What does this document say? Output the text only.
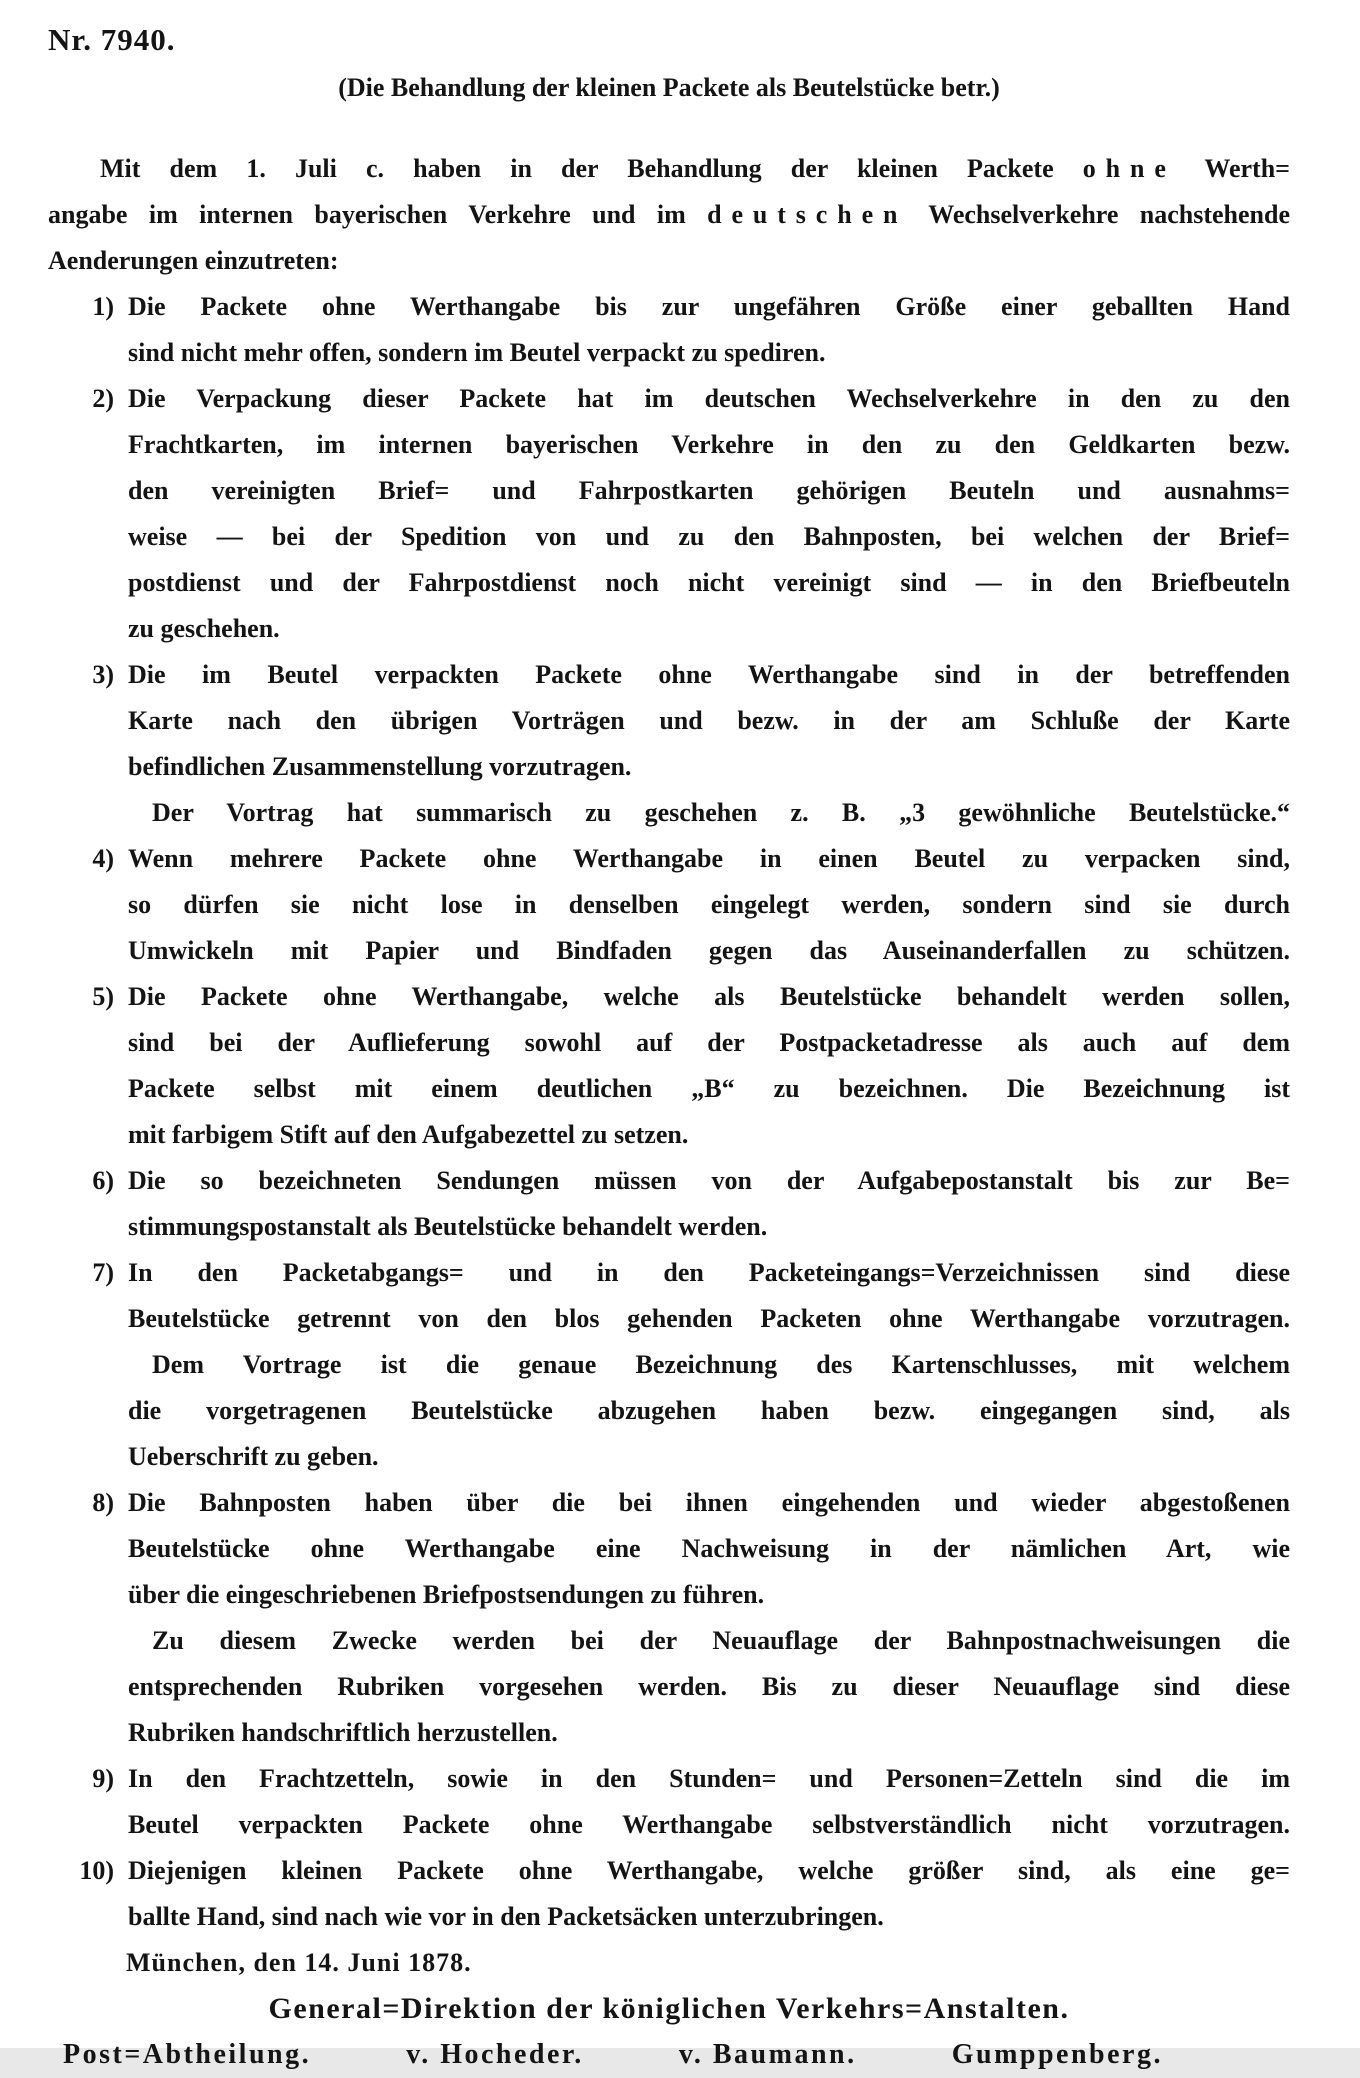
Nr. 7940.
(Die Behandlung der kleinen Packete als Beutelstücke betr.)
Mit dem 1. Juli c. haben in der Behandlung der kleinen Packete ohne Werth=
angabe im internen bayerischen Verkehre und im deutschen Wechselverkehre nachstehende
Aenderungen einzutreten:
1) Die Packete ohne Werthangabe bis zur ungefähren Größe einer geballten Hand
sind nicht mehr offen, sondern im Beutel verpackt zu spediren.
2) Die Verpackung dieser Packete hat im deutschen Wechselverkehre in den zu den
Frachtkarten, im internen bayerischen Verkehre in den zu den Geldkarten bezw.
den vereinigten Brief= und Fahrpostkarten gehörigen Beuteln und ausnahms=
weise — bei der Spedition von und zu den Bahnposten, bei welchen der Brief=
postdienst und der Fahrpostdienst noch nicht vereinigt sind — in den Briefbeuteln
zu geschehen.
3) Die im Beutel verpackten Packete ohne Werthangabe sind in der betreffenden
Karte nach den übrigen Vorträgen und bezw. in der am Schluße der Karte
befindlichen Zusammenstellung vorzutragen.
Der Vortrag hat summarisch zu geschehen z. B. „3 gewöhnliche Beutelstücke.“
4) Wenn mehrere Packete ohne Werthangabe in einen Beutel zu verpacken sind,
so dürfen sie nicht lose in denselben eingelegt werden, sondern sind sie durch
Umwickeln mit Papier und Bindfaden gegen das Auseinanderfallen zu schützen.
5) Die Packete ohne Werthangabe, welche als Beutelstücke behandelt werden sollen,
sind bei der Auflieferung sowohl auf der Postpacketadresse als auch auf dem
Packete selbst mit einem deutlichen „B“ zu bezeichnen. Die Bezeichnung ist
mit farbigem Stift auf den Aufgabezettel zu setzen.
6) Die so bezeichneten Sendungen müssen von der Aufgabepostanstalt bis zur Be=
stimmungspostanstalt als Beutelstücke behandelt werden.
7) In den Packetabgangs= und in den Packeteingangs=Verzeichnissen sind diese
Beutelstücke getrennt von den blos gehenden Packeten ohne Werthangabe vorzutragen.
Dem Vortrage ist die genaue Bezeichnung des Kartenschlusses, mit welchem
die vorgetragenen Beutelstücke abzugehen haben bezw. eingegangen sind, als
Ueberschrift zu geben.
8) Die Bahnposten haben über die bei ihnen eingehenden und wieder abgestoßenen
Beutelstücke ohne Werthangabe eine Nachweisung in der nämlichen Art, wie
über die eingeschriebenen Briefpostsendungen zu führen.
Zu diesem Zwecke werden bei der Neuauflage der Bahnpostnachweisungen die
entsprechenden Rubriken vorgesehen werden. Bis zu dieser Neuauflage sind diese
Rubriken handschriftlich herzustellen.
9) In den Frachtzetteln, sowie in den Stunden= und Personen=Zetteln sind die im
Beutel verpackten Packete ohne Werthangabe selbstverständlich nicht vorzutragen.
10) Diejenigen kleinen Packete ohne Werthangabe, welche größer sind, als eine ge=
ballte Hand, sind nach wie vor in den Packetsäcken unterzubringen.
München, den 14. Juni 1878.
General=Direktion der königlichen Verkehrs=Anstalten.
Post=Abtheilung.	v. Hocheder.	v. Baumann.	Gumppenberg.
